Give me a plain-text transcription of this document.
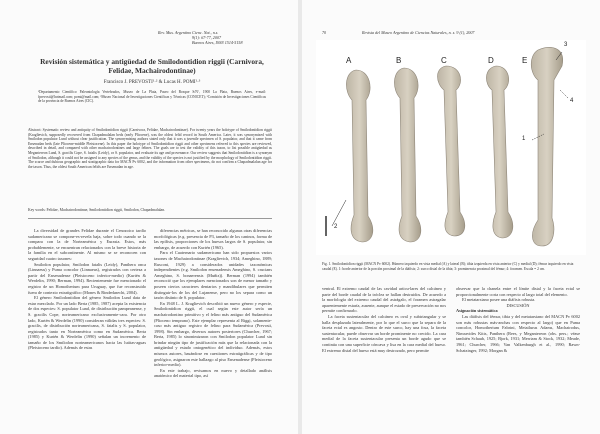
Rev. Mus. Argentino Cienc. Nat., n.s.
9(1): 67-77, 2007
Buenos Aires, ISSN 1514-5158
Revisión sistemática y antigüedad de Smilodontidion riggii (Carnivora, Felidae, Machairodontinae)
Francisco J. PREVOSTI¹·² & Lucas H. POMI¹·³
¹Departamento Científico Paleontología Vertebrados, Museo de La Plata, Paseo del Bosque S/Nº, 1900 La Plata, Buenos Aires, e-mail: fprevosti@hotmail.com; pomi@mail.com; ²Museo Nacional de Investigaciones Científicas y Técnicas (CONICET); ³Comisión de Investigaciones Científicas de la provincia de Buenos Aires (CIC).
Abstract: Systematic review and antiquity of Smilodontidion riggii (Carnivora, Felidae, Machairodontinae). For twenty years the holotype of Smilodontidion riggii (Kraglievich, supposedly recovered from Chapadmalalan beds (early Pliocene), was the oldest felid record in South America. Later, it was synonymized with Smilodon populator Lund without clear justification. The synonymizing authors stated only that it was a juvenile specimen of S. populator, and that it came from Ensenadan beds (late Pliocene-middle Pleistocene). In this paper the holotype of Smilodontidion riggii and other specimens referred to this species are reviewed, described in detail, and compared with other machairodontines and large felines. The goals are to test the validity of this taxon, to list possible antigüedad as Megantereon Lund, S. gracilis Cope, S. fatalis (Leidy), or S. populator, and evaluate its age and provenance. Our review suggests that Smilodontidion is a synonym of Smilodon, although it could not be assigned to any species of the genus, and the validity of the species is not justified by the morphology of Smilodontidion riggii. The scarce and dubious geographic and stratigraphic data for MACN Pv 6002, and the information from other specimens, do not confirm a Chapadmalalan age for the taxon. Thus, the oldest South American felids are Ensenadan in age.
Key words: Felidae, Machairodontinae, Smilodontidion riggii, Smilodon, Chapadmalalan.

La diversidad de grandes Felidae durante el Cenozoico tardío sudamericano se compone-es-revela baja, sobre todo cuando se la compara con la de Norteamérica y Eurasia. Estos, más probablemente, se encuentran relacionados con la breve historia de la familia en el subcontinente. Al mismo se se reconocen con seguridad cuatro taxones:

Smilodon populator, Smilodon fatalis (Leidy), Panthera onca (Linnaeus) y Puma concolor (Linnaeus), registrados con certeza a partir del Ensenadense (Pleistoceno inferior-medio) (Kurtén & Werdelin, 1990; Berman, 1994). Recientemente fue mencionado el registro de un Homotherium para Uruguay, que fue reconstruido fuera de contexto estratigráfico (Mones & Rinderknecht, 2004).

El género Smilodontidion del género Smilodon Lund data de estar mezclado. Por un lado Berta (1985, 1987) acepta la existencia de dos especies: S. populator Lund, de distribución pampeanense, y S. gracilis Cope, norteamericano exclusivamente-cara. Por otro lado, Kurtén & Werdelin (1990) consideran válidas tres especies: S. gracilis, de distribución norteamericana, S. fatalis y S. populator, registrados tanto en Norteamérica como en Sudamérica. Berta (1985) y Kurtén & Werdelin (1990) señalan un incremento de tamaño de los Smilodon norteamericanos hacia las lutitas-aguas (Pleistoceno tardío). Además de estas

diferencias métricas, se han reconocido algunas otras diferencias morfológicas (e.g. presencia de P3, tamaño de los caninos, forma de las epífisis, proporciones de los huesos largos de S. populator, sin embargo, de acuerdo con Kurtén (1965).

Para el Cuaternario sudamericano han sido propuestos varios taxones de Machairodontinae (Kraglievich, 1934; Ameghino, 1889; Rusconi, 1929) a considerados unidades taxonómicas independientes (e.g. Smilodon ensenadensis Ameghino, S. crucians Ameghino, S. bonaerensis (Muñiz)). Berman (1994) también reconoció que los ejemplares mencionados son de menor tamaño y poseen ciertos caracteres dentarios y mandibulares que permiten distinguir-los de los del Lujanense, pero no los separa como un taxón distinto de S. populator.

En 1948 L. J. Kraglievich describió un nuevo género y especie, Smilodontidion riggii, el cual según este autor sería un machairodontino primitivo y el felino más antiguo del Sudamérica (Plioceno temprano). Este ejemplar representa al Riggi, solamente-caso más antiguo registro de felino para Sudamérica (Prevosti, 1998). Sin embargo, diversos autores posteriores (Churcher, 1967; Berta, 1985) lo sinonimizaron con Smilodon populator Lund sin brindar ningún tipo de justificación más que la relacionada con la antigüedad y estado ontogenético del individuo. Además, estos mismos autores, basándose en cuestiones estratigráficas y de tipo geológico, asignaron este hallazgo al piso Ensenadense (Pleistoceno inferior-medio).

En este trabajo, revisamos en nuevo y detallado análisis anatómico del material tipo, así

70	Revista del Museo Argentino de Ciencias Naturales, n. s. 9 (1), 2007
A	B	C	D	E
1
2
3
4
Fig. 1. Smilodontidion riggii (MACN Pv 6002). Húmero izquierdo en vista medial (A) y lateral (B); tibia izquierda en vista anterior (C) y medial (D); fémur izquierdo en vista caudal (E). 1: borde anterior de la porción proximal de la diáfisis; 2: surco distal de la tibia; 3: prominencia proximal del fémur; 4: foramen. Escala = 2 cm.

ventral. El extremo caudal de las cavidad articu-lares del calcáneo y parte del borde caudal de la tróclea se hallan destruidos. De acuerdo a la morfología del extremo caudal del astrágalo, el foramen astragalar aparentemente estaría, ausente, aunque el estado de preservación no nos permite confirmarlo.

La faceta sustentacular del calcáneo es oval y subtriangular y se halla desplazada lateralmente, por lo que el surco que la separa de la faceta ectal es angosto. Dentro de este surco, hay una fosa, la faceta sustentacular, puede observar un borde prominente no crecido. La cara medial de la faceta sustentacular presenta un borde agudo que se continúa con una superficie cóncava y lisa en la cara medial del hueso. El extremo distal del hueso está muy destrozado, pero permite

observar que la chanela entre el límite distal y la faceta ectal se proporcionalmente corta con respecto al largo total del elemento.

El metatarsiano posee una diáfisis robusta.

DISCUSIÓN

Asignación sistemática

Las diáfisis del fémur, tibia y del metatarsiano del MACN Pv 6002 son más robustas más-anchas con respecto al largo) que en Puma concolor, Homotherium Fabrini, Metailurus Adams, Machairodus, Nimravides Kitts, Panthera (Rees, y Megantereon (obs. pers.; véase también Schaub, 1925; Bjork, 1931; Merriam & Stock, 1932; Meade, 1961; Churcher, 1966; Van Valkenburgh et al., 1990; Rawn-Schatzinger, 1992; Morgan &
